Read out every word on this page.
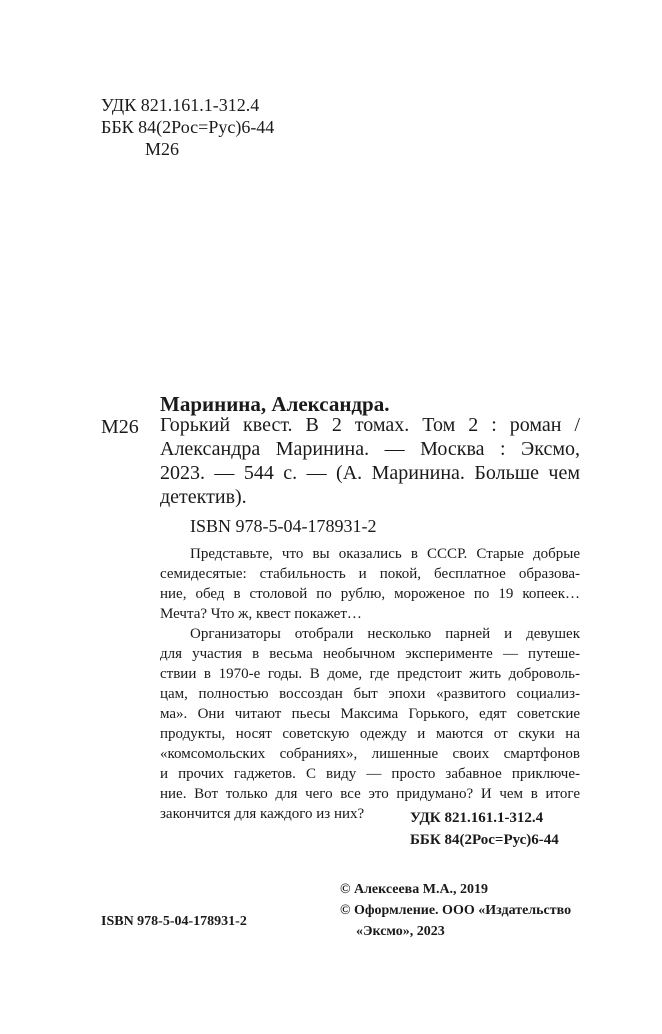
УДК 821.161.1-312.4
ББК 84(2Рос=Рус)6-44
М26
Маринина, Александра.
М26 Горький квест. В 2 томах. Том 2 : роман /
Александра Маринина. — Москва : Эксмо,
2023. — 544 с. — (А. Маринина. Больше чем
детектив).
ISBN 978-5-04-178931-2
Представьте, что вы оказались в СССР. Старые добрые
семидесятые: стабильность и покой, бесплатное образова-
ние, обед в столовой по рублю, мороженое по 19 копеек…
Мечта? Что ж, квест покажет…
Организаторы отобрали несколько парней и девушек
для участия в весьма необычном эксперименте — путеше-
ствии в 1970-е годы. В доме, где предстоит жить доброволь-
цам, полностью воссоздан быт эпохи «развитого социализ-
ма». Они читают пьесы Максима Горького, едят советские
продукты, носят советскую одежду и маются от скуки на
«комсомольских собраниях», лишенные своих смартфонов
и прочих гаджетов. С виду — просто забавное приключе-
ние. Вот только для чего все это придумано? И чем в итоге
закончится для каждого из них?	УДК 821.161.1-312.4
ББК 84(2Рос=Рус)6-44
© Алексеева М.А., 2019
© Оформление. ООО «Издательство
«Эксмо», 2023
ISBN 978-5-04-178931-2
